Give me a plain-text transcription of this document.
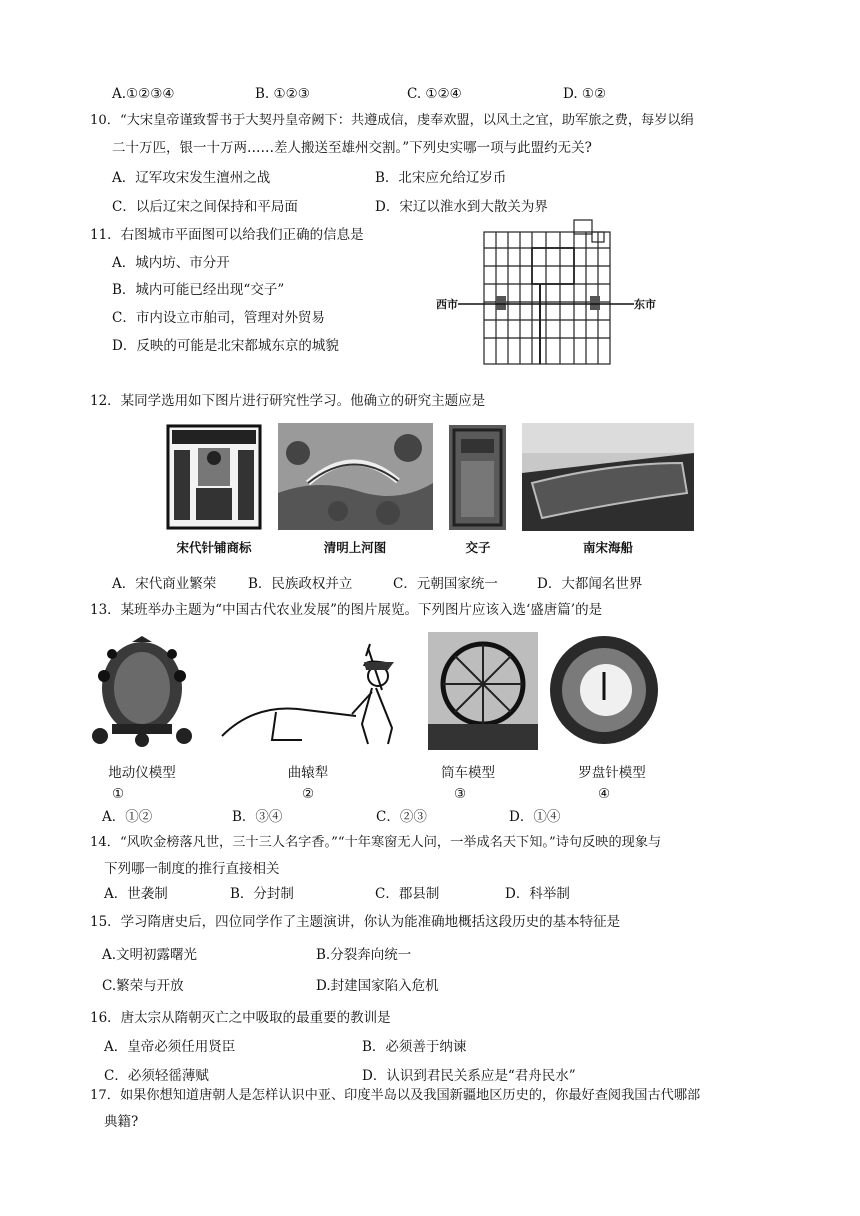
A.①②③④	B. ①②③	C. ①②④	D. ①②
10．“大宋皇帝谨致誓书于大契丹皇帝阙下：共遵成信，虔奉欢盟，以风土之宜，助军旅之费，每岁以绢
二十万匹，银一十万两……差人搬送至雄州交割。”下列史实哪一项与此盟约无关?
A．辽军攻宋发生澶州之战	B．北宋应允给辽岁币
C．以后辽宋之间保持和平局面	D．宋辽以淮水到大散关为界
11．右图城市平面图可以给我们正确的信息是
A．城内坊、市分开
B．城内可能已经出现“交子”
C．市内设立市舶司，管理对外贸易
D．反映的可能是北宋都城东京的城貌
西市	东市
12．某同学选用如下图片进行研究性学习。他确立的研究主题应是
宋代针铺商标	清明上河图	交子	南宋海船
A．宋代商业繁荣 B．民族政权并立	C．元朝国家统一	D．大都闻名世界
13．某班举办主题为“中国古代农业发展”的图片展览。下列图片应该入选‘盛唐篇’的是
地动仪模型	曲辕犁	筒车模型	罗盘针模型
①	②	③	④
A．①②	B．③④	C．②③	D．①④
14．“风吹金榜落凡世，三十三人名字香。”“十年寒窗无人问，一举成名天下知。”诗句反映的现象与
下列哪一制度的推行直接相关
A．世袭制	B．分封制	C．郡县制	D．科举制
15．学习隋唐史后，四位同学作了主题演讲，你认为能准确地概括这段历史的基本特征是
A.文明初露曙光	B.分裂奔向统一
C.繁荣与开放	D.封建国家陷入危机
16．唐太宗从隋朝灭亡之中吸取的最重要的教训是
A．皇帝必须任用贤臣	B．必须善于纳谏
C．必须轻徭薄赋	D．认识到君民关系应是“君舟民水”
17．如果你想知道唐朝人是怎样认识中亚、印度半岛以及我国新疆地区历史的，你最好查阅我国古代哪部
典籍?
